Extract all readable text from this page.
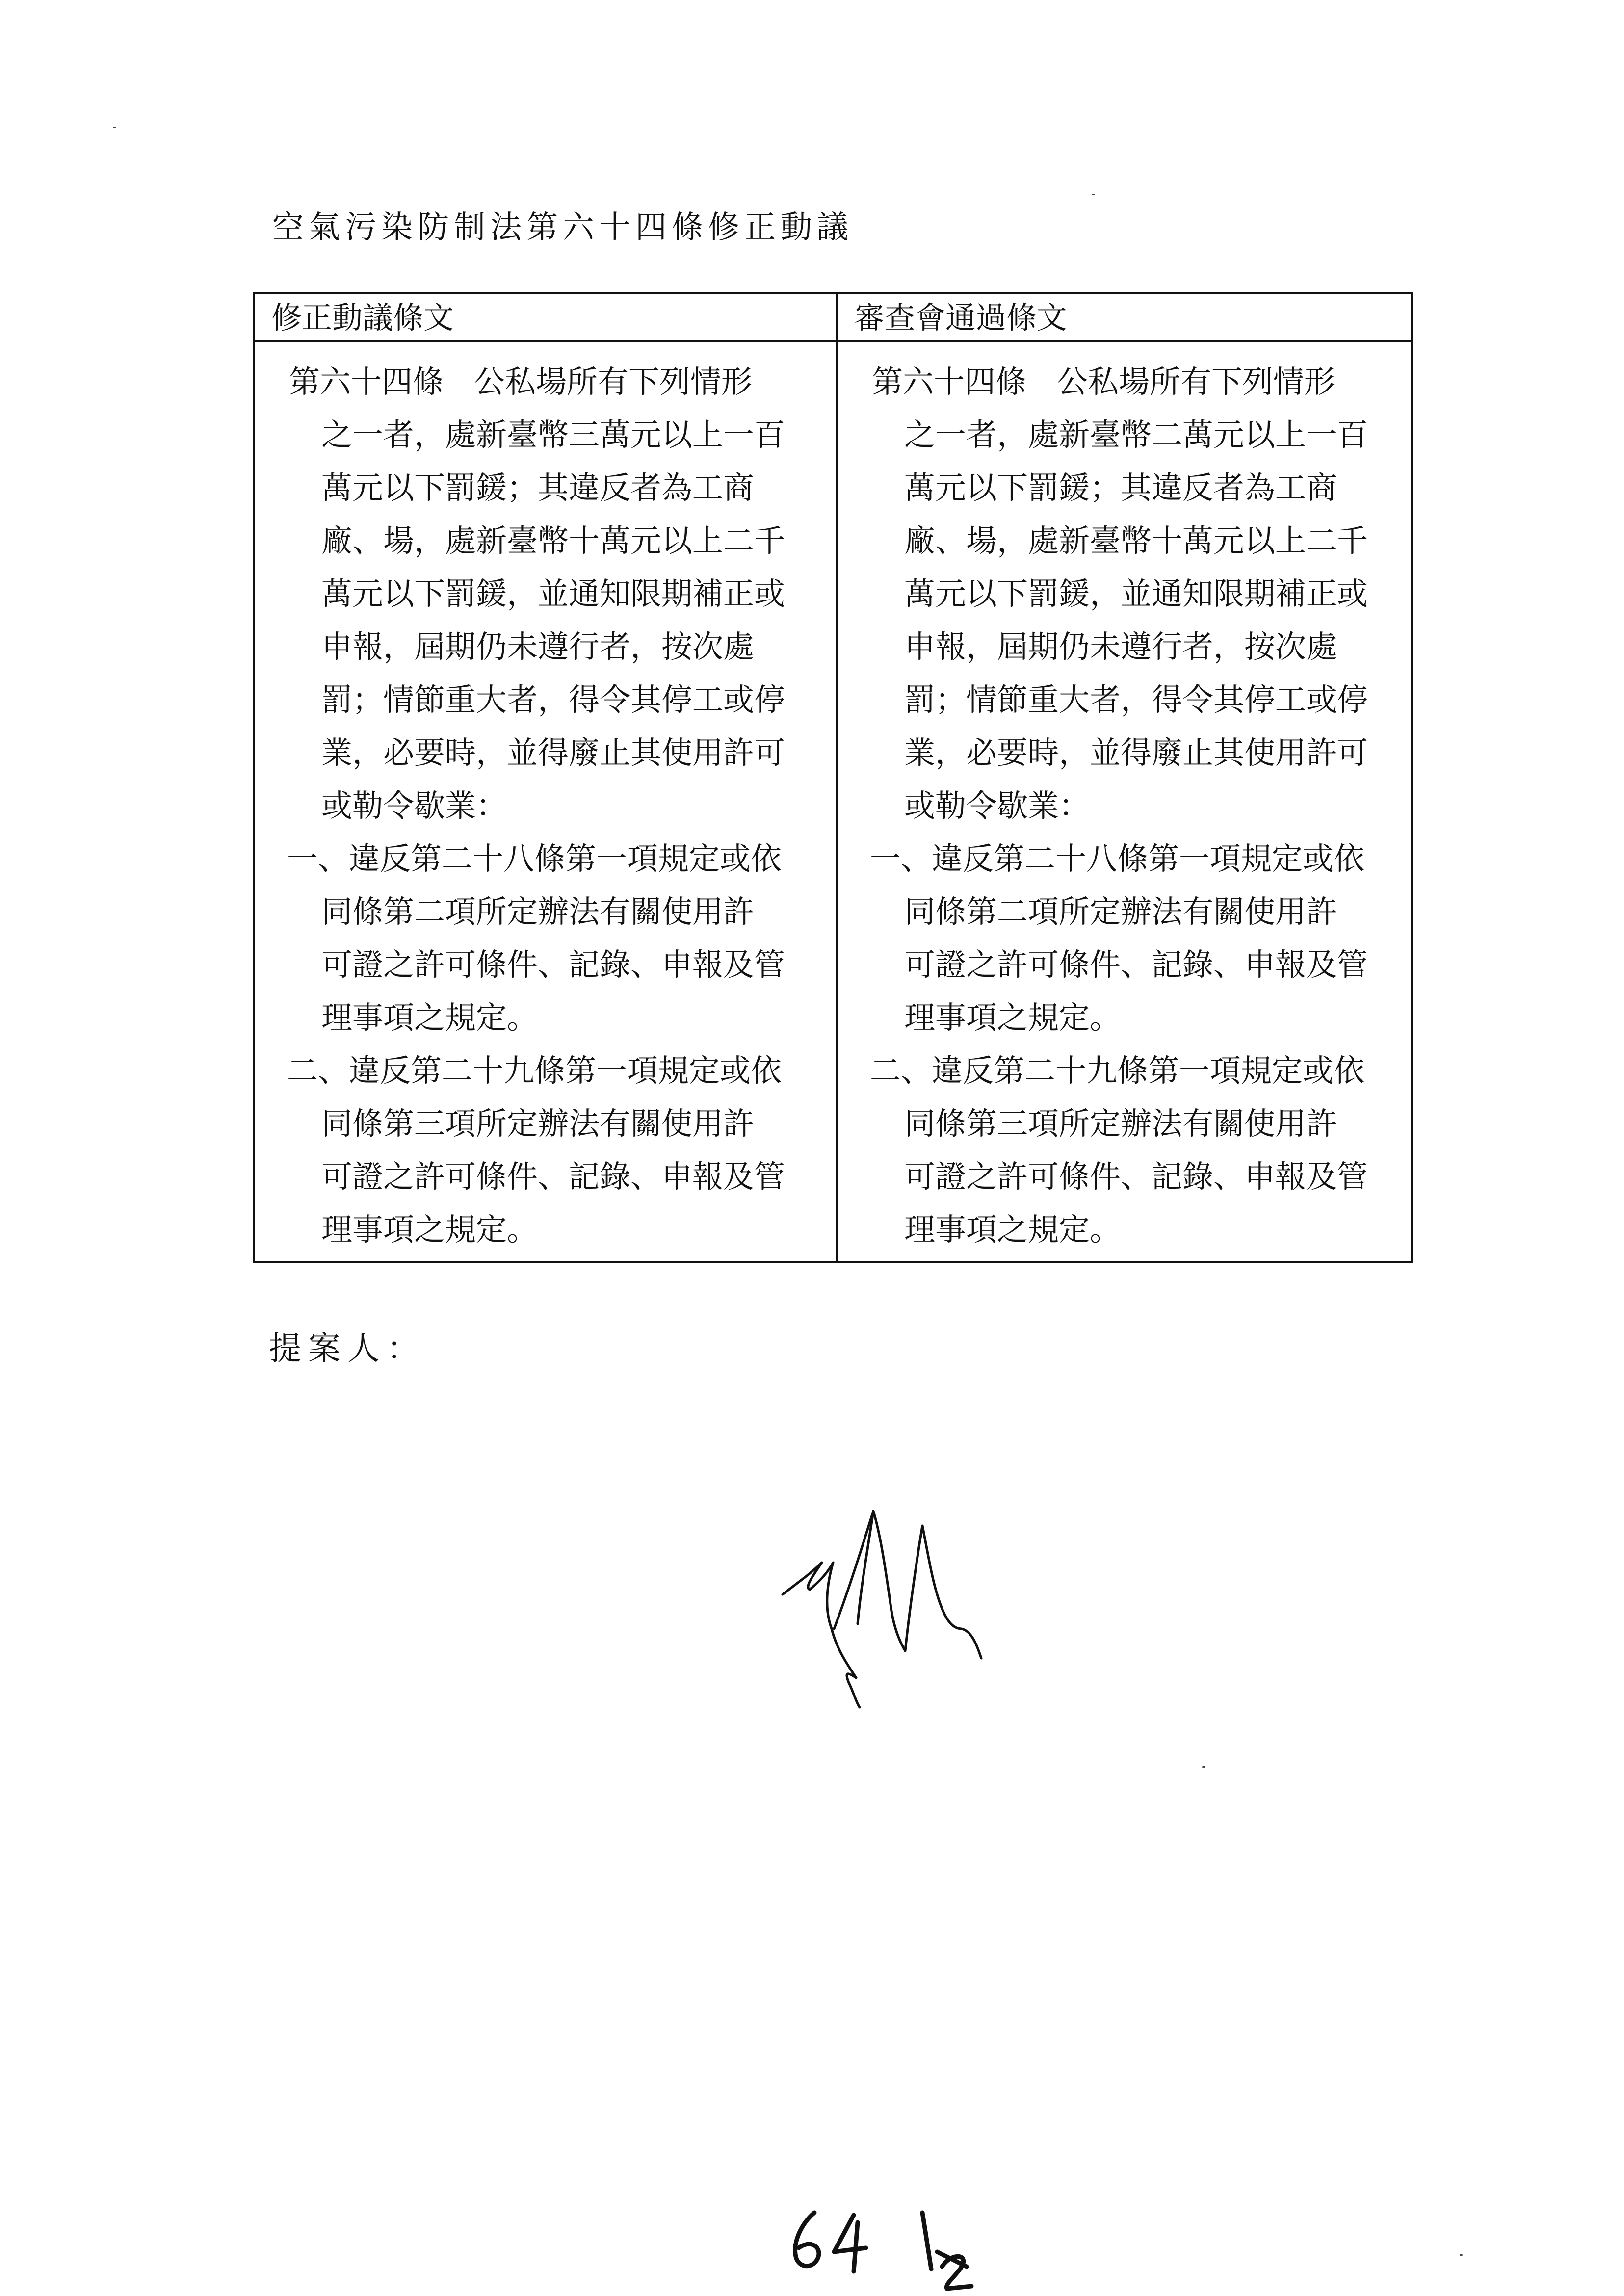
空氣污染防制法第六十四條修正動議
修正動議條文	審查會通過條文
第六十四條 公私場所有下列情形
之一者，處新臺幣三萬元以上一百
萬元以下罰鍰；其違反者為工商
廠、場，處新臺幣十萬元以上二千
萬元以下罰鍰，並通知限期補正或
申報，屆期仍未遵行者，按次處
罰；情節重大者，得令其停工或停
業，必要時，並得廢止其使用許可
或勒令歇業：
一、違反第二十八條第一項規定或依
同條第二項所定辦法有關使用許
可證之許可條件、記錄、申報及管
理事項之規定。
二、違反第二十九條第一項規定或依
同條第三項所定辦法有關使用許
可證之許可條件、記錄、申報及管
理事項之規定。
第六十四條 公私場所有下列情形
之一者，處新臺幣二萬元以上一百
萬元以下罰鍰；其違反者為工商
廠、場，處新臺幣十萬元以上二千
萬元以下罰鍰，並通知限期補正或
申報，屆期仍未遵行者，按次處
罰；情節重大者，得令其停工或停
業，必要時，並得廢止其使用許可
或勒令歇業：
一、違反第二十八條第一項規定或依
同條第二項所定辦法有關使用許
可證之許可條件、記錄、申報及管
理事項之規定。
二、違反第二十九條第一項規定或依
同條第三項所定辦法有關使用許
可證之許可條件、記錄、申報及管
理事項之規定。
提案人：
